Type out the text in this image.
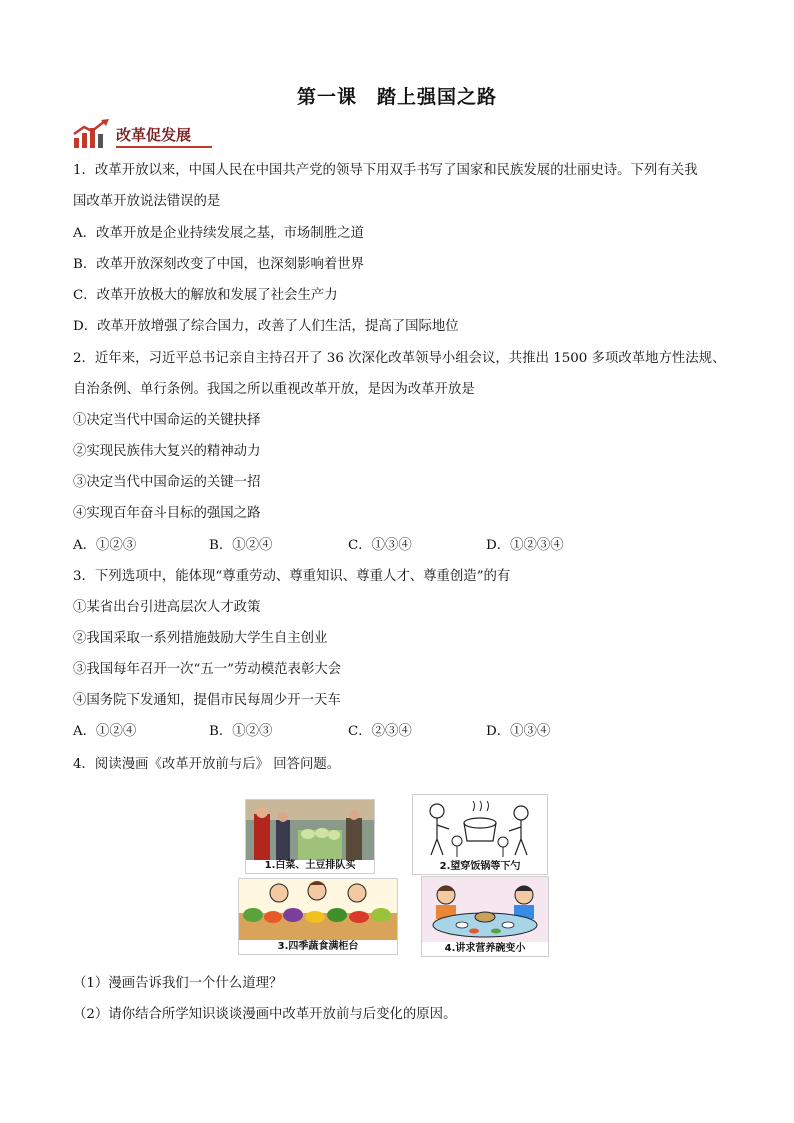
第一课　踏上强国之路
改革促发展
1．改革开放以来，中国人民在中国共产党的领导下用双手书写了国家和民族发展的壮丽史诗。下列有关我
国改革开放说法错误的是
A．改革开放是企业持续发展之基，市场制胜之道
B．改革开放深刻改变了中国，也深刻影响着世界
C．改革开放极大的解放和发展了社会生产力
D．改革开放增强了综合国力，改善了人们生活，提高了国际地位
2．近年来，习近平总书记亲自主持召开了 36 次深化改革领导小组会议，共推出 1500 多项改革地方性法规、
自治条例、单行条例。我国之所以重视改革开放，是因为改革开放是
①决定当代中国命运的关键抉择
②实现民族伟大复兴的精神动力
③决定当代中国命运的关键一招
④实现百年奋斗目标的强国之路
A．①②③	B．①②④	C．①③④	D．①②③④
3．下列选项中，能体现“尊重劳动、尊重知识、尊重人才、尊重创造”的有
①某省出台引进高层次人才政策
②我国采取一系列措施鼓励大学生自主创业
③我国每年召开一次“五一”劳动模范表彰大会
④国务院下发通知，提倡市民每周少开一天车
A．①②④	B．①②③	C．②③④	D．①③④
4．阅读漫画《改革开放前与后》 回答问题。
1.白菜、土豆排队买	2.望穿饭锅等下勺
3.四季蔬食满柜台	4.讲求营养碗变小
（1）漫画告诉我们一个什么道理？
（2）请你结合所学知识谈谈漫画中改革开放前与后变化的原因。
